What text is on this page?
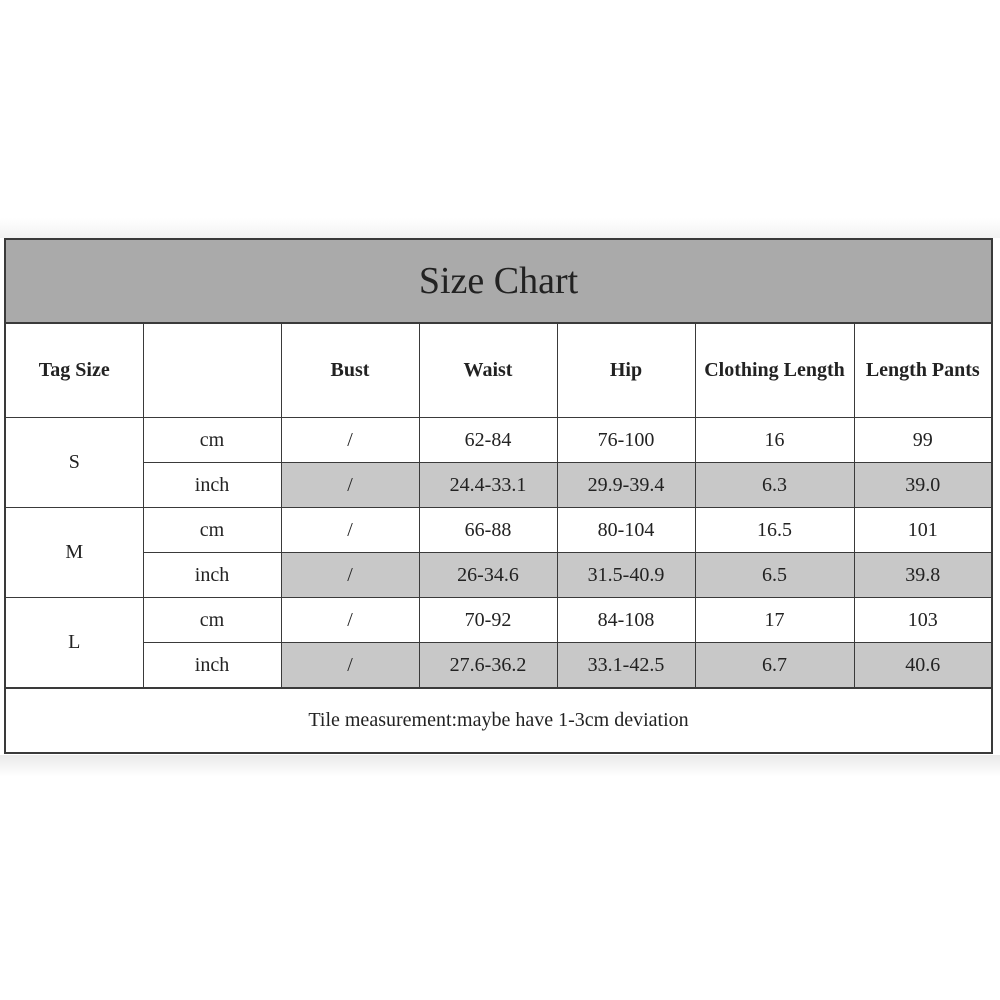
Size Chart						
Tag Size		Bust	Waist	Hip	Clothing Length	Length Pants
S	cm	/	62-84	76-100	16	99
	inch	/	24.4-33.1	29.9-39.4	6.3	39.0
M	cm	/	66-88	80-104	16.5	101
	inch	/	26-34.6	31.5-40.9	6.5	39.8
L	cm	/	70-92	84-108	17	103
	inch	/	27.6-36.2	33.1-42.5	6.7	40.6
Tile measurement:maybe have 1-3cm deviation						
